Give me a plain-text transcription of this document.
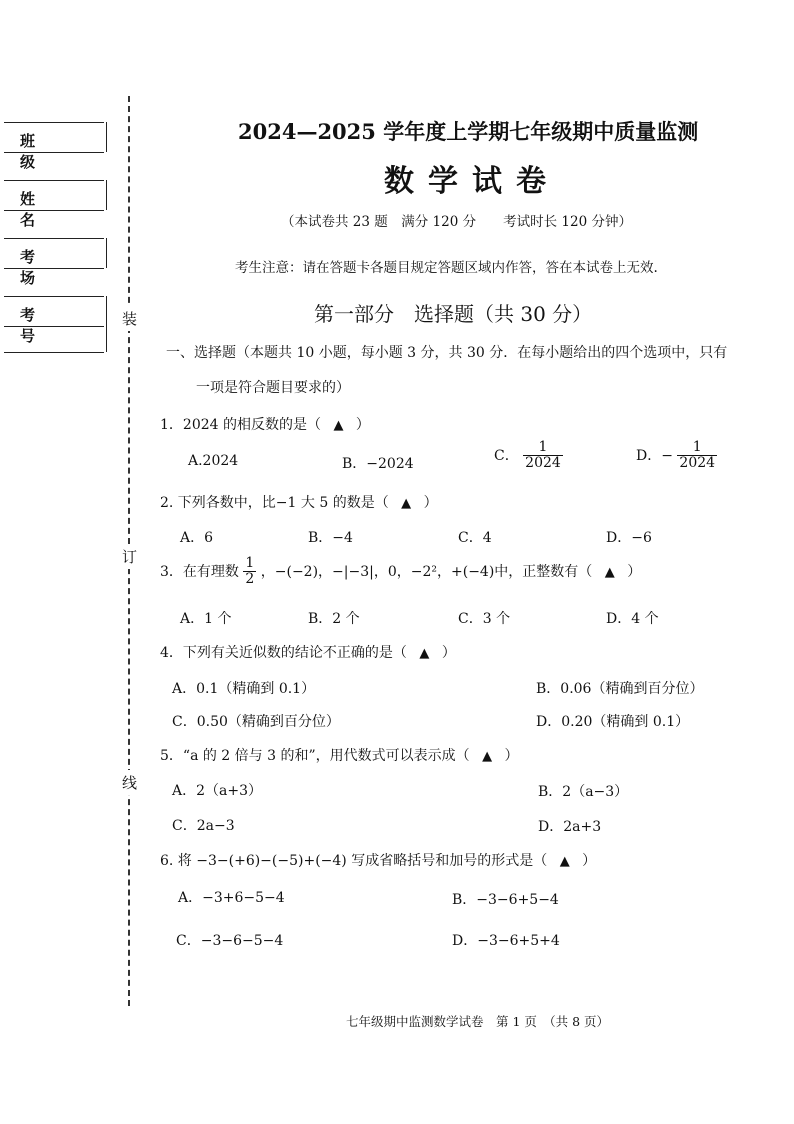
班 级
姓 名
考 场
考 号
装
订
线
2024—2025 学年度上学期七年级期中质量监测
数学试卷
（本试卷共 23 题　满分 120 分　　考试时长 120 分钟）
考生注意：请在答题卡各题目规定答题区域内作答，答在本试卷上无效.
第一部分　选择题（共 30 分）
一、选择题（本题共 10 小题，每小题 3 分，共 30 分．在每小题给出的四个选项中，只有
一项是符合题目要求的）
1．2024 的相反数的是（ ▲ ）
A.2024	B．−2024
C． $\frac{1}{2024}$	D．− $\frac{1}{2024}$
2. 下列各数中，比−1 大 5 的数是（ ▲ ）
A．6	B．−4	C．4	D．−6
3．在有理数 $\frac{1}{2}$ ，−(−2)，−|−3|，0，−2²，+(−4)中，正整数有（ ▲ ）
A．1 个	B．2 个	C．3 个	D．4 个
4．下列有关近似数的结论不正确的是（ ▲ ）
A．0.1（精确到 0.1）	B．0.06（精确到百分位）
C．0.50（精确到百分位）	D．0.20（精确到 0.1）
5．“a 的 2 倍与 3 的和”，用代数式可以表示成（ ▲ ）
A．2（a+3）	B．2（a−3）
C．2a−3	D．2a+3
6. 将 −3−(+6)−(−5)+(−4) 写成省略括号和加号的形式是（ ▲ ）
A．−3+6−5−4	B．−3−6+5−4
C．−3−6−5−4	D．−3−6+5+4
七年级期中监测数学试卷　第 1 页　（共 8 页）
